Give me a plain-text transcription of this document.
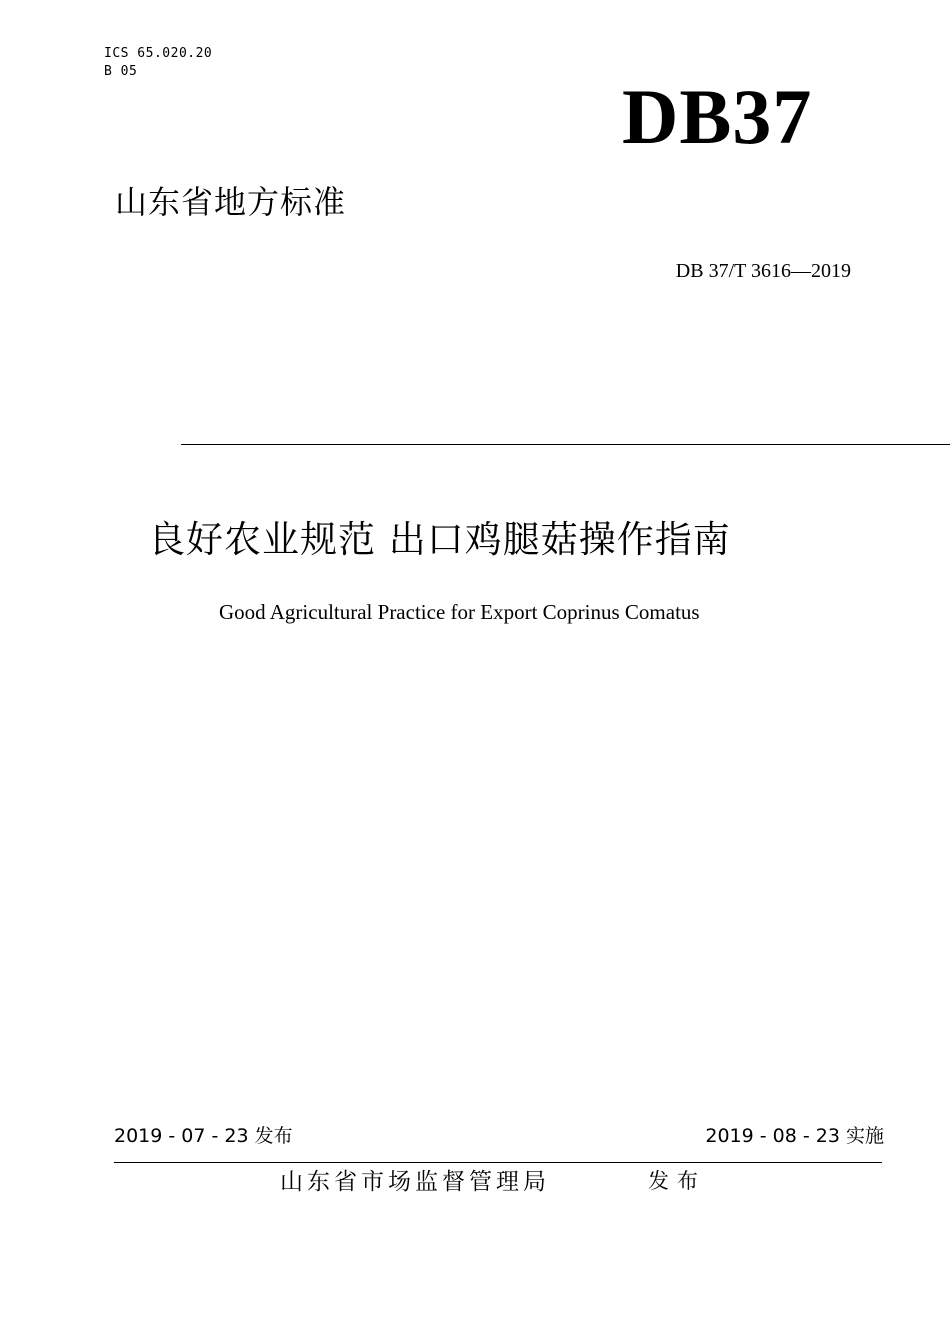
ICS 65.020.20
B 05
DB37
山东省地方标准
DB 37/T 3616—2019
良好农业规范 出口鸡腿菇操作指南
Good Agricultural Practice for Export Coprinus Comatus
2019 - 07 - 23 发布	2019 - 08 - 23 实施
山东省市场监督管理局	发布
